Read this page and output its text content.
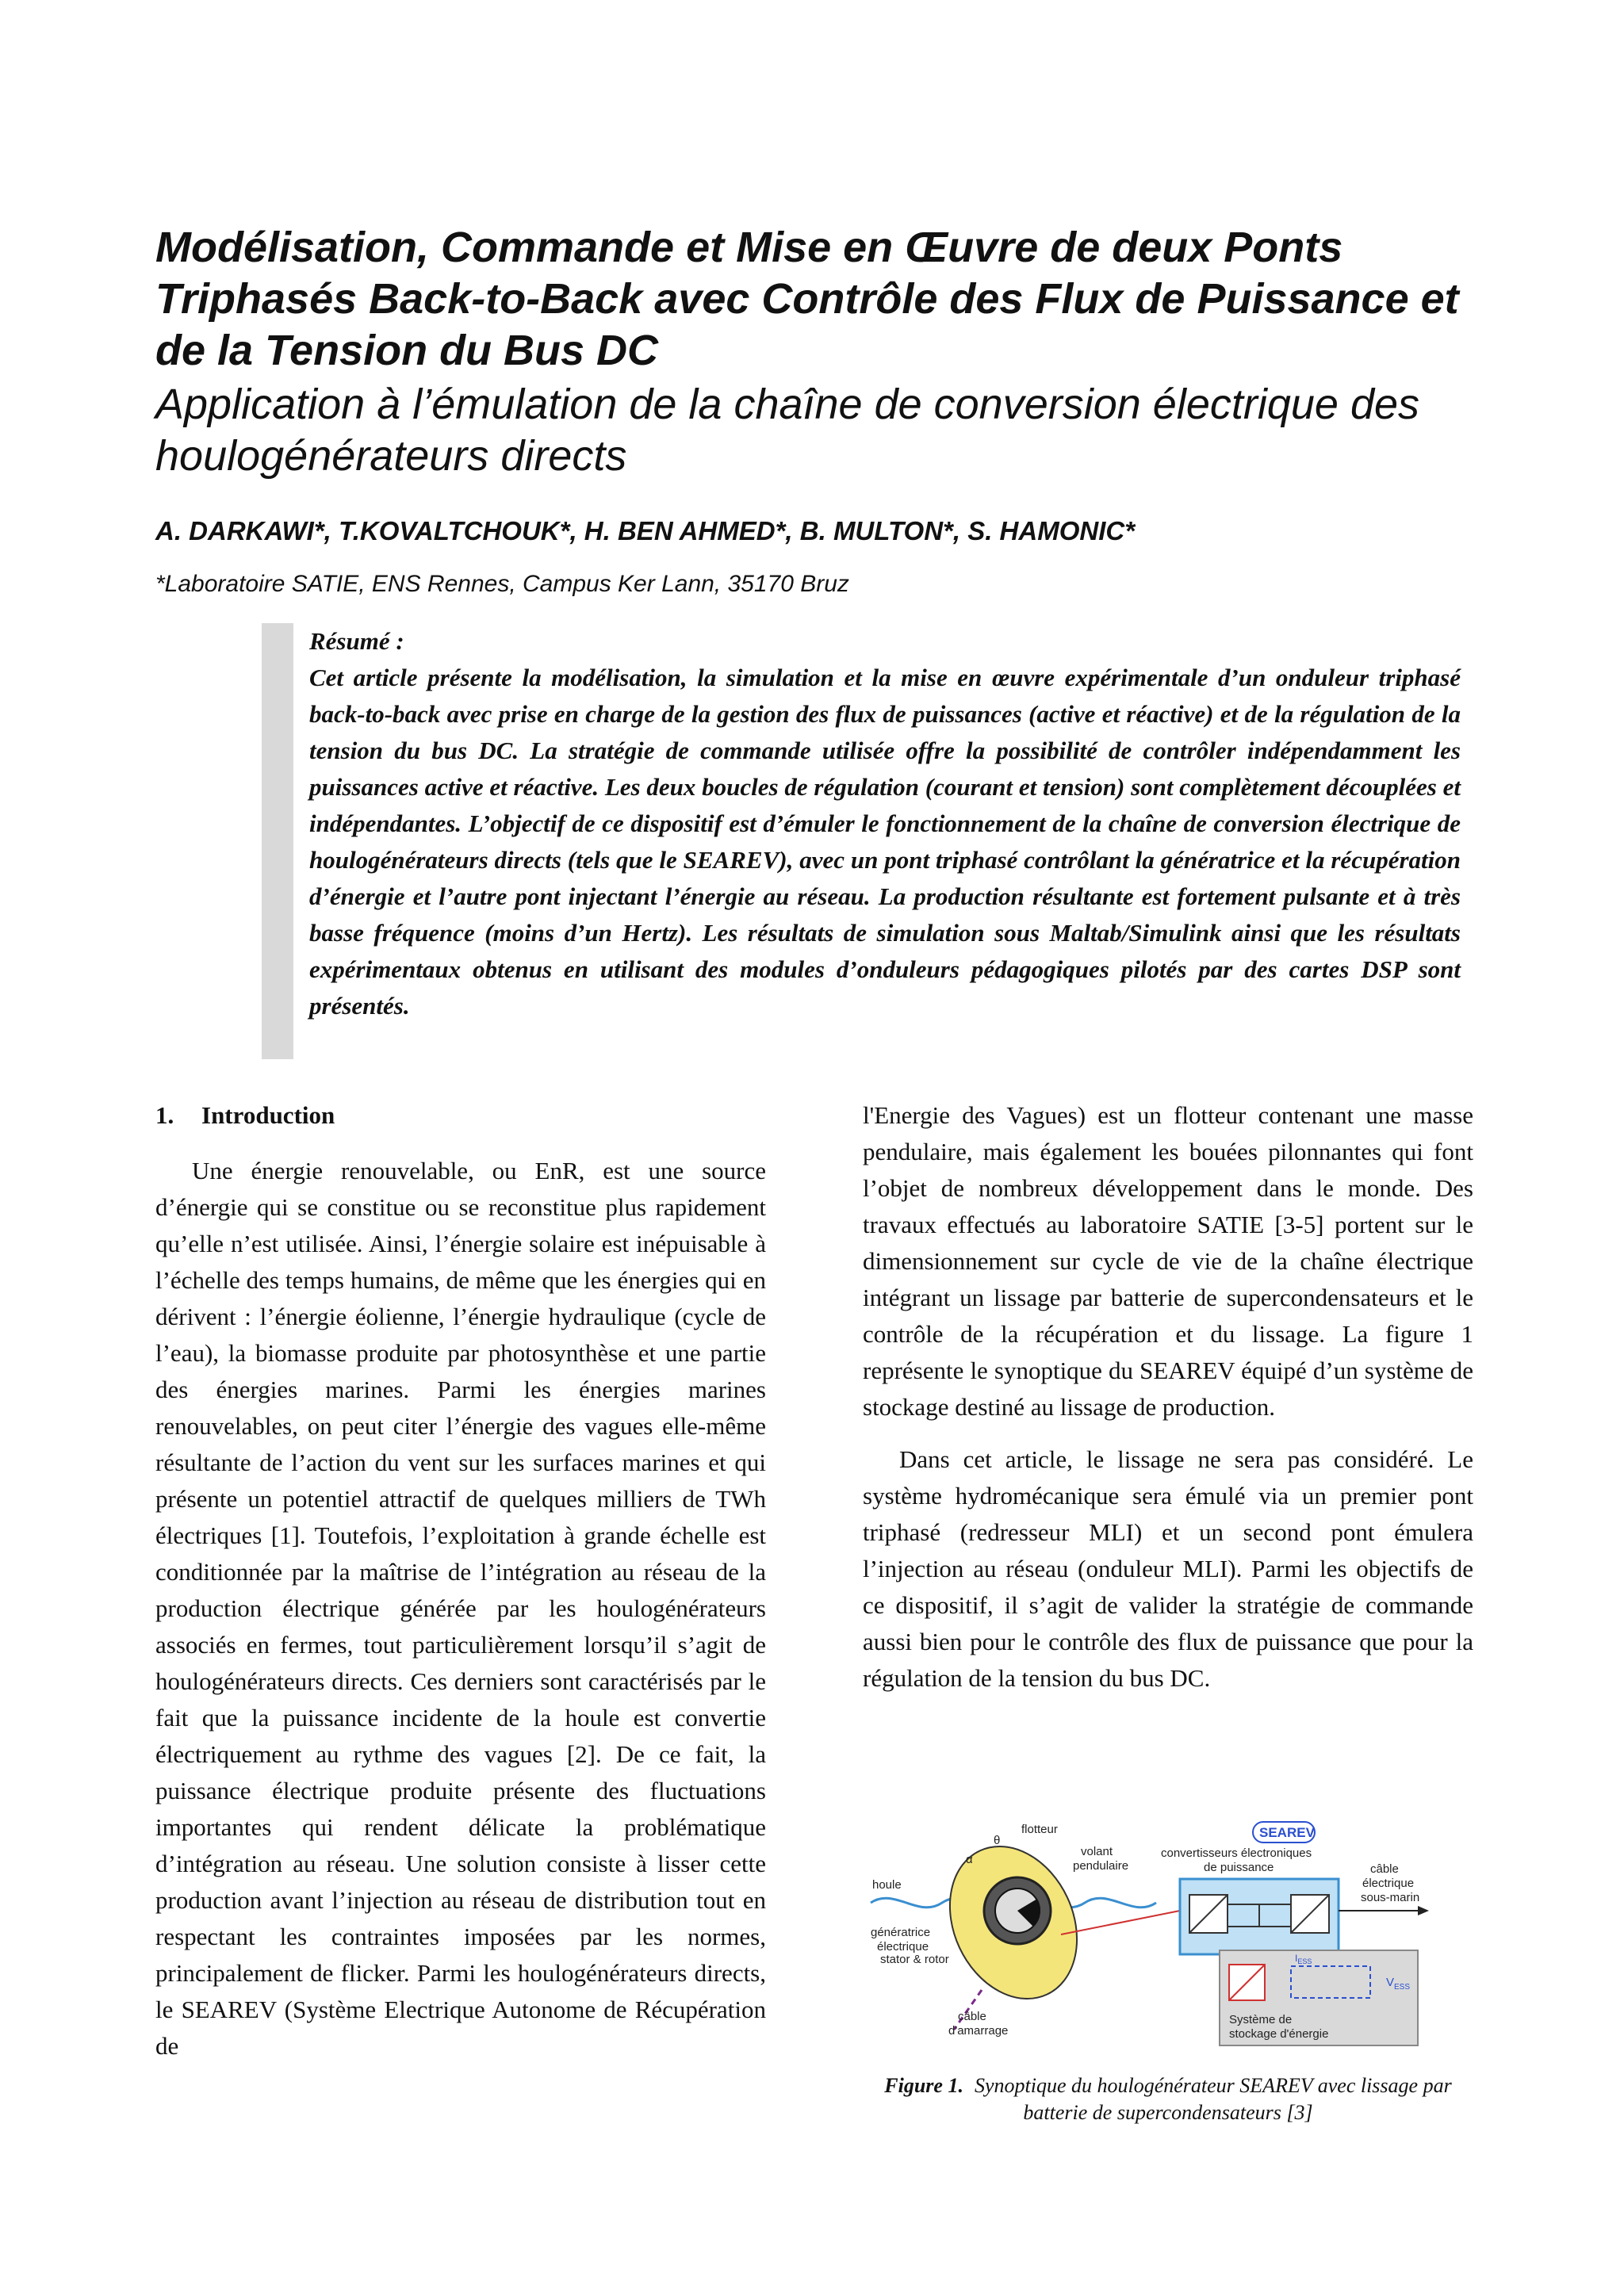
Modélisation, Commande et Mise en Œuvre de deux Ponts Triphasés Back-to-Back avec Contrôle des Flux de Puissance et de la Tension du Bus DC
Application à l’émulation de la chaîne de conversion électrique des houlogénérateurs directs
A. DARKAWI*, T.KOVALTCHOUK*, H. BEN AHMED*, B. MULTON*, S. HAMONIC*
*Laboratoire SATIE, ENS Rennes, Campus Ker Lann, 35170 Bruz
Résumé :
Cet article présente la modélisation, la simulation et la mise en œuvre expérimentale d’un onduleur triphasé back-to-back avec prise en charge de la gestion des flux de puissances (active et réactive) et de la régulation de la tension du bus DC. La stratégie de commande utilisée offre la possibilité de contrôler indépendamment les puissances active et réactive. Les deux boucles de régulation (courant et tension) sont complètement découplées et indépendantes. L’objectif de ce dispositif est d’émuler le fonctionnement de la chaîne de conversion électrique de houlogénérateurs directs (tels que le SEAREV), avec un pont triphasé contrôlant la génératrice et la récupération d’énergie et l’autre pont injectant l’énergie au réseau. La production résultante est fortement pulsante et à très basse fréquence (moins d’un Hertz). Les résultats de simulation sous Maltab/Simulink ainsi que les résultats expérimentaux obtenus en utilisant des modules d’onduleurs pédagogiques pilotés par des cartes DSP sont présentés.
1. Introduction

Une énergie renouvelable, ou EnR, est une source d’énergie qui se constitue ou se reconstitue plus rapidement qu’elle n’est utilisée. Ainsi, l’énergie solaire est inépuisable à l’échelle des temps humains, de même que les énergies qui en dérivent : l’énergie éolienne, l’énergie hydraulique (cycle de l’eau), la biomasse produite par photosynthèse et une partie des énergies marines. Parmi les énergies marines renouvelables, on peut citer l’énergie des vagues elle-même résultante de l’action du vent sur les surfaces marines et qui présente un potentiel attractif de quelques milliers de TWh électriques [1]. Toutefois, l’exploitation à grande échelle est conditionnée par la maîtrise de l’intégration au réseau de la production électrique générée par les houlogénérateurs associés en fermes, tout particulièrement lorsqu’il s’agit de houlogénérateurs directs. Ces derniers sont caractérisés par le fait que la puissance incidente de la houle est convertie électriquement au rythme des vagues [2]. De ce fait, la puissance électrique produite présente des fluctuations importantes qui rendent délicate la problématique d’intégration au réseau. Une solution consiste à lisser cette production avant l’injection au réseau de distribution tout en respectant les contraintes imposées par les normes, principalement de flicker. Parmi les houlogénérateurs directs, le SEAREV (Système Electrique Autonome de Récupération de

l'Energie des Vagues) est un flotteur contenant une masse pendulaire, mais également les bouées pilonnantes qui font l’objet de nombreux développement dans le monde. Des travaux effectués au laboratoire SATIE [3-5] portent sur le dimensionnement sur cycle de vie de la chaîne électrique intégrant un lissage par batterie de supercondensateurs et le contrôle de la récupération et du lissage. La figure 1 représente le synoptique du SEAREV équipé d’un système de stockage destiné au lissage de production.

Dans cet article, le lissage ne sera pas considéré. Le système hydromécanique sera émulé via un premier pont triphasé (redresseur MLI) et un second pont émulera l’injection au réseau (onduleur MLI). Parmi les objectifs de ce dispositif, il s’agit de valider la stratégie de commande aussi bien pour le contrôle des flux de puissance que pour la régulation de la tension du bus DC.

flotteur
θ
α
volant
pendulaire
houle
génératrice
électrique
stator & rotor
câble
d'amarrage
SEAREV
convertisseurs électroniques
de puissance	câble
électrique
sous-marin
Système de
stockage d'énergie
$V_{ESS}$
$I_{ESS}$
Figure 1. Synoptique du houlogénérateur SEAREV avec lissage par batterie de supercondensateurs [3]
